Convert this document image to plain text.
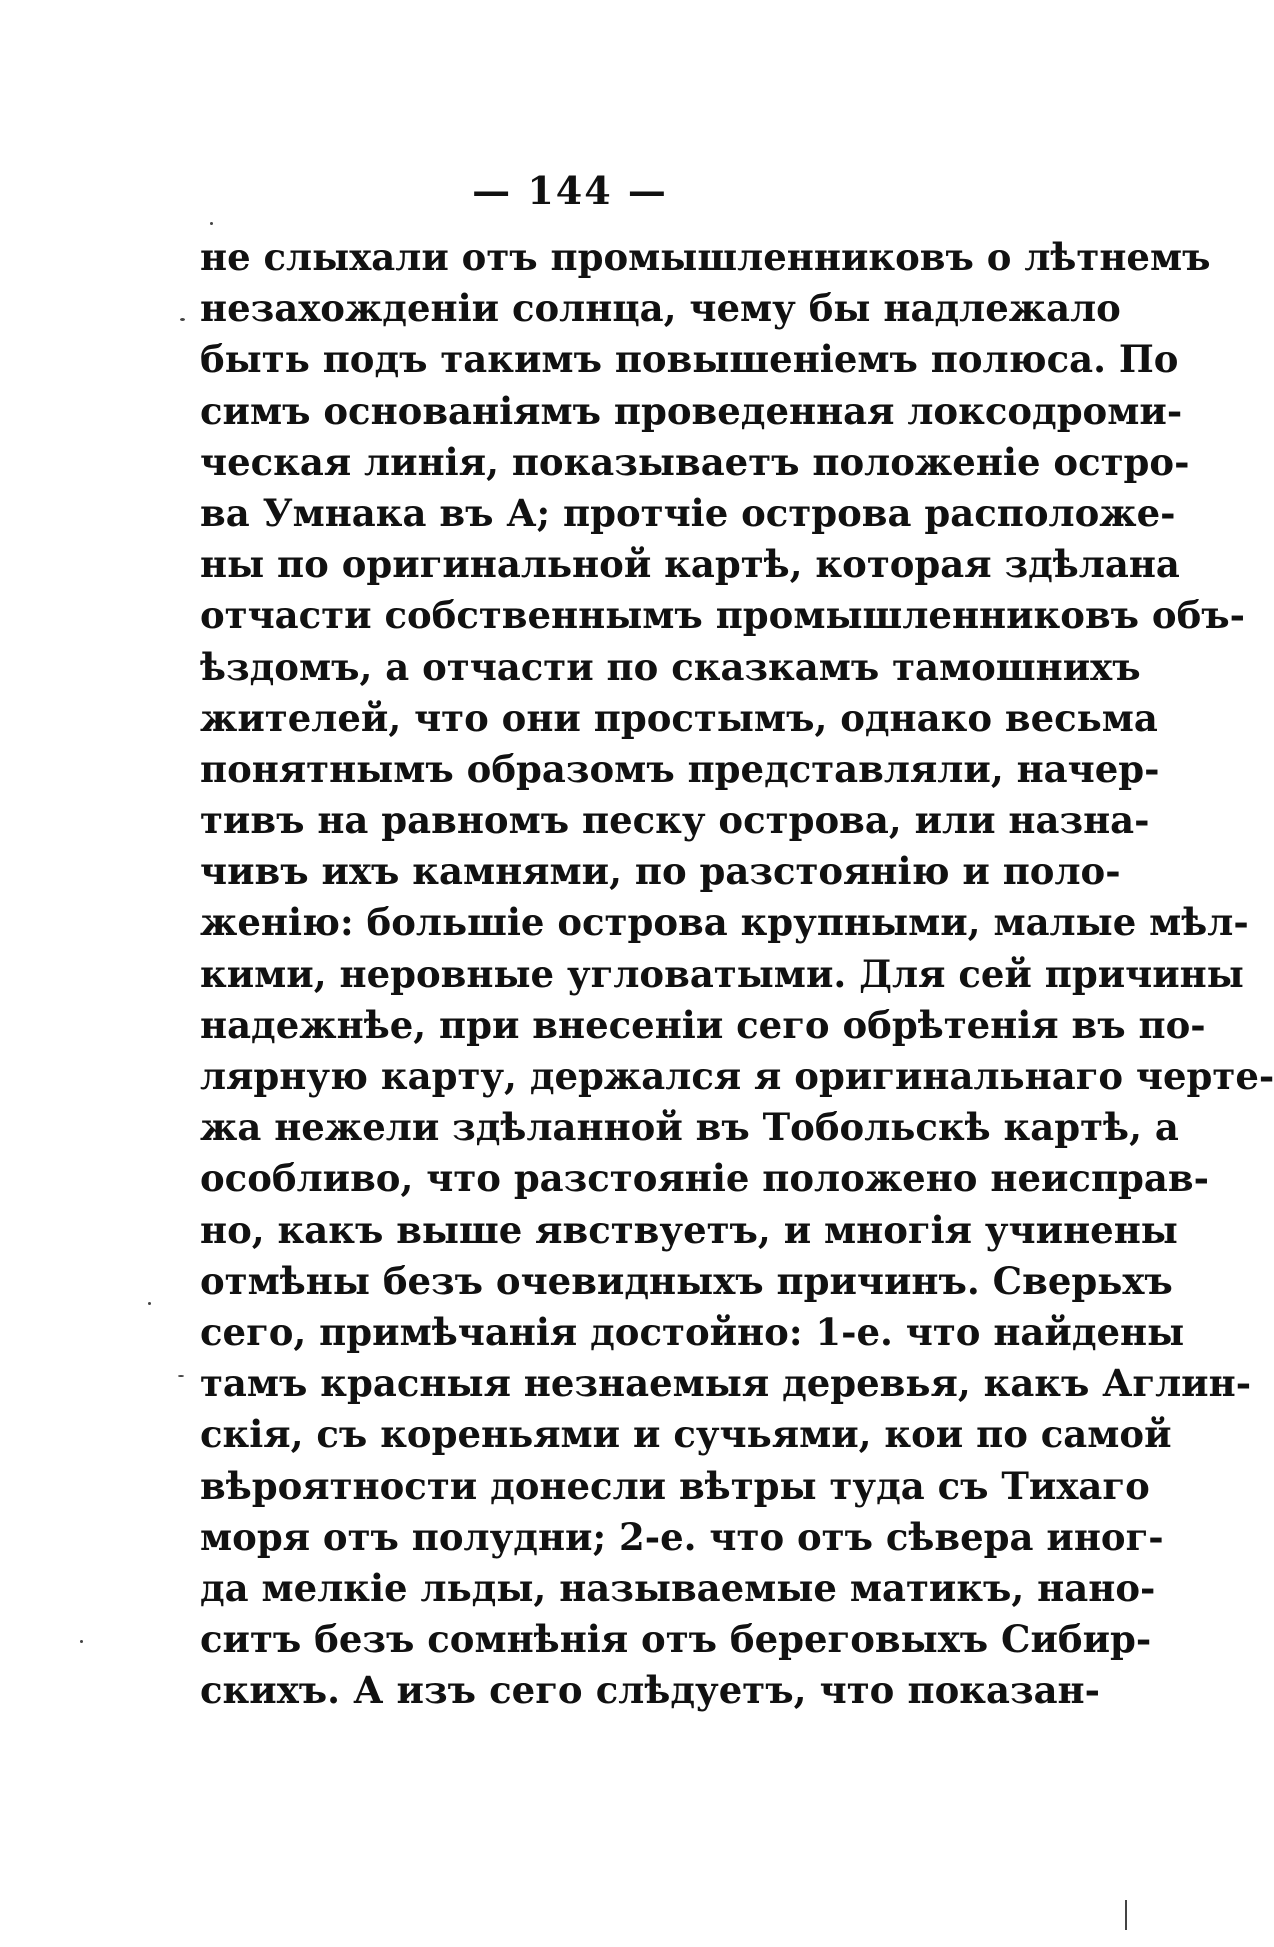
— 144 —
не слыхали отъ промышленниковъ о лѣтнемъ
незахожденіи солнца, чему бы надлежало
быть подъ такимъ повышеніемъ полюса. По
симъ основаніямъ проведенная локсодроми-
ческая линія, показываетъ положеніе остро-
ва Умнака въ А; протчіе острова расположе-
ны по оригинальной картѣ, которая здѣлана
отчасти собственнымъ промышленниковъ объ-
ѣздомъ, а отчасти по сказкамъ тамошнихъ
жителей, что они простымъ, однако весьма
понятнымъ образомъ представляли, начер-
тивъ на равномъ песку острова, или назна-
чивъ ихъ камнями, по разстоянію и поло-
женію: большіе острова крупными, малые мѣл-
кими, неровные угловатыми. Для сей причины
надежнѣе, при внесеніи сего обрѣтенія въ по-
лярную карту, держался я оригинальнаго черте-
жа нежели здѣланной въ Тобольскѣ картѣ, а
особливо, что разстояніе положено неисправ-
но, какъ выше явствуетъ, и многія учинены
отмѣны безъ очевидныхъ причинъ. Сверьхъ
сего, примѣчанія достойно: 1-е. что найдены
тамъ красныя незнаемыя деревья, какъ Аглин-
скія, съ кореньями и сучьями, кои по самой
вѣроятности донесли вѣтры туда съ Тихаго
моря отъ полудни; 2-е. что отъ сѣвера иног-
да мелкіе льды, называемые матикъ, нано-
ситъ безъ сомнѣнія отъ береговыхъ Сибир-
скихъ. А изъ сего слѣдуетъ, что показан-
